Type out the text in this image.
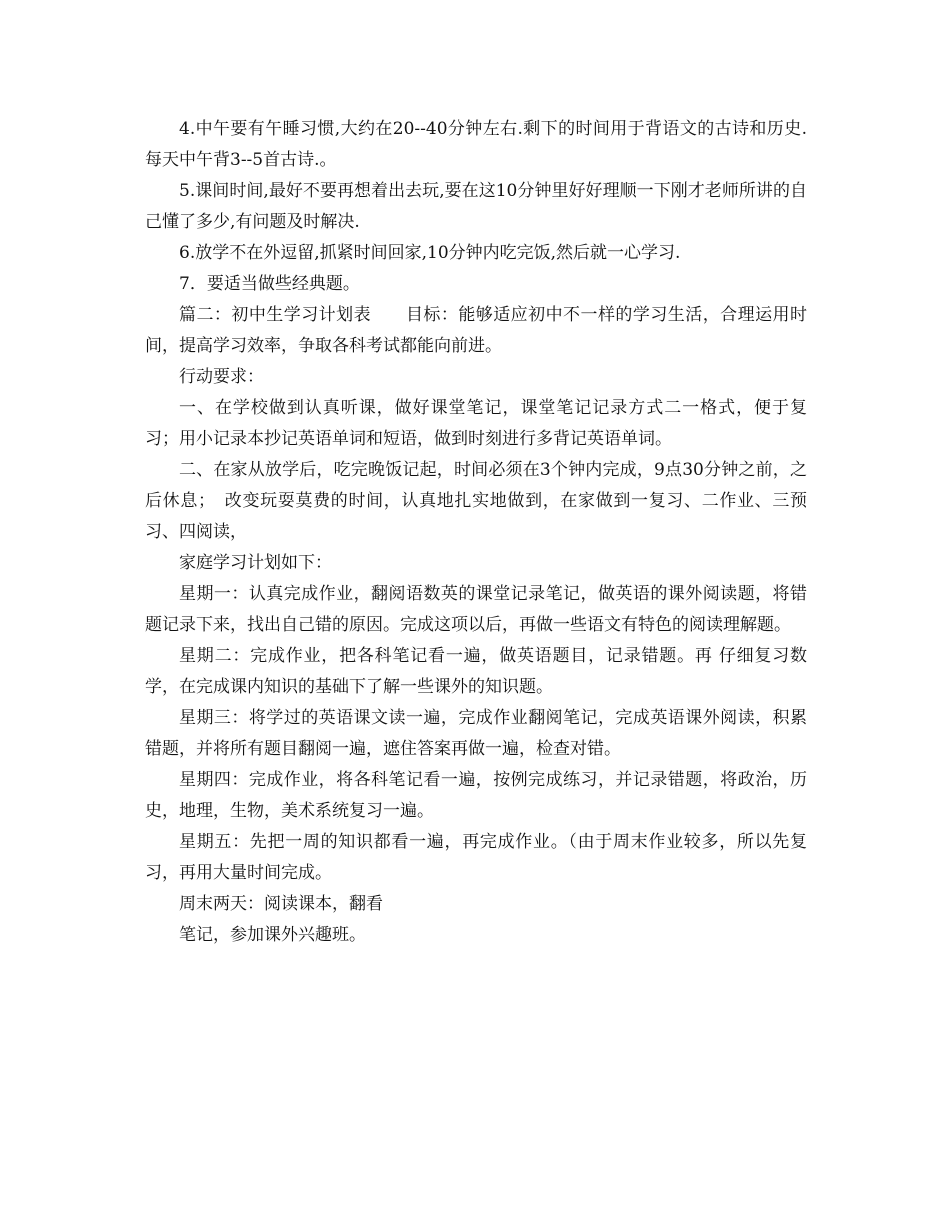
4.中午要有午睡习惯,大约在20--40分钟左右.剩下的时间用于背语文的古诗和历史.每天中午背3--5首古诗.。

5.课间时间,最好不要再想着出去玩,要在这10分钟里好好理顺一下刚才老师所讲的自己懂了多少,有问题及时解决.

6.放学不在外逗留,抓紧时间回家,10分钟内吃完饭,然后就一心学习.

7．要适当做些经典题。

篇二：初中生学习计划表　　目标：能够适应初中不一样的学习生活，合理运用时间，提高学习效率，争取各科考试都能向前进。

行动要求：

一、在学校做到认真听课，做好课堂笔记，课堂笔记记录方式二一格式，便于复习；用小记录本抄记英语单词和短语，做到时刻进行多背记英语单词。

二、在家从放学后，吃完晚饭记起，时间必须在3个钟内完成，9点30分钟之前，之后休息；　改变玩耍莫费的时间，认真地扎实地做到，在家做到一复习、二作业、三预习、四阅读，

家庭学习计划如下：

星期一：认真完成作业，翻阅语数英的课堂记录笔记，做英语的课外阅读题，将错题记录下来，找出自己错的原因。完成这项以后，再做一些语文有特色的阅读理解题。

星期二：完成作业，把各科笔记看一遍，做英语题目，记录错题。再 仔细复习数学，在完成课内知识的基础下了解一些课外的知识题。

星期三：将学过的英语课文读一遍，完成作业翻阅笔记，完成英语课外阅读，积累错题，并将所有题目翻阅一遍，遮住答案再做一遍，检查对错。

星期四：完成作业，将各科笔记看一遍，按例完成练习，并记录错题，将政治，历史，地理，生物，美术系统复习一遍。

星期五：先把一周的知识都看一遍，再完成作业。（由于周末作业较多，所以先复习，再用大量时间完成。

周末两天：阅读课本，翻看

笔记，参加课外兴趣班。
